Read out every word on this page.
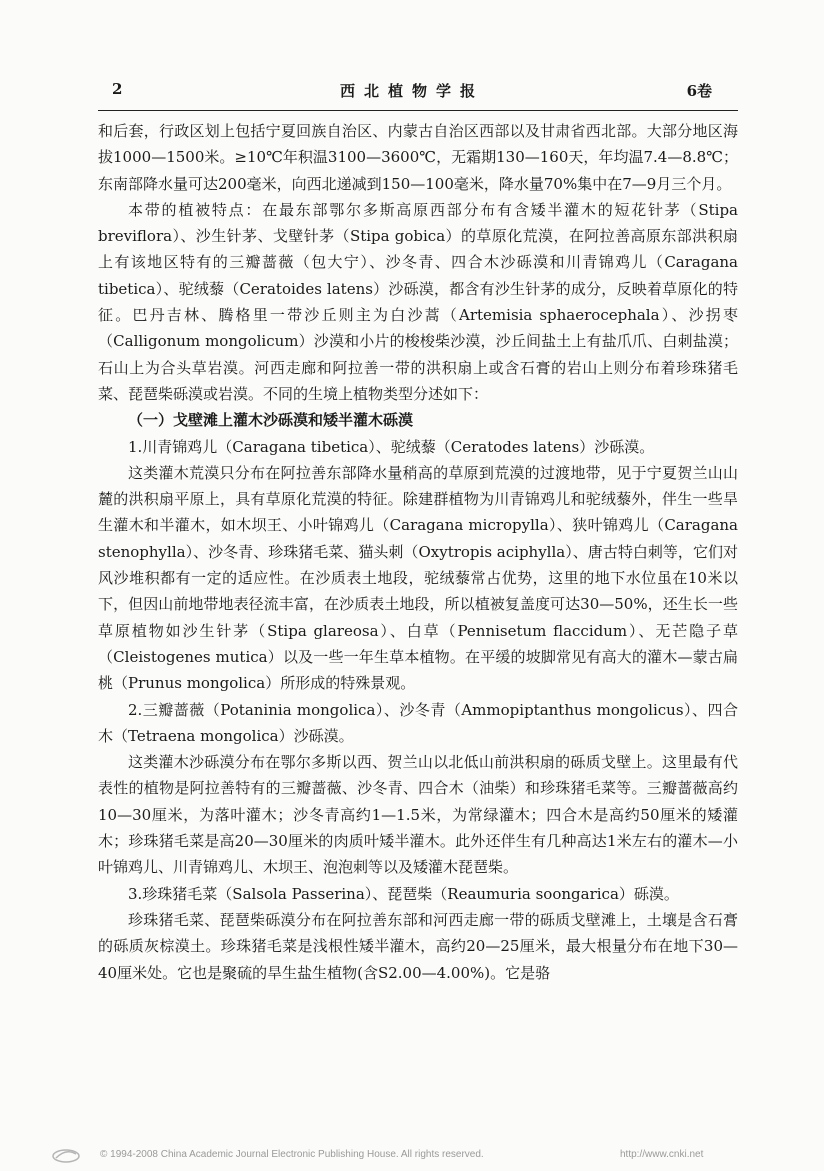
2	西北植物学报	6卷

和后套，行政区划上包括宁夏回族自治区、内蒙古自治区西部以及甘肃省西北部。大部分地区海拔1000—1500米。≥10℃年积温3100—3600℃，无霜期130—160天，年均温7.4—8.8℃；东南部降水量可达200毫米，向西北递减到150—100毫米，降水量70%集中在7—9月三个月。

本带的植被特点：在最东部鄂尔多斯高原西部分布有含矮半灌木的短花针茅（Stipa breviflora）、沙生针茅、戈壁针茅（Stipa gobica）的草原化荒漠，在阿拉善高原东部洪积扇上有该地区特有的三瓣蔷薇（包大宁）、沙冬青、四合木沙砾漠和川青锦鸡儿（Caragana tibetica）、驼绒藜（Ceratoides latens）沙砾漠，都含有沙生针茅的成分，反映着草原化的特征。巴丹吉林、腾格里一带沙丘则主为白沙蒿（Artemisia sphaerocephala）、沙拐枣（Calligonum mongolicum）沙漠和小片的梭梭柴沙漠，沙丘间盐土上有盐爪爪、白刺盐漠；石山上为合头草岩漠。河西走廊和阿拉善一带的洪积扇上或含石膏的岩山上则分布着珍珠猪毛菜、琵琶柴砾漠或岩漠。不同的生境上植物类型分述如下：

（一）戈壁滩上灌木沙砾漠和矮半灌木砾漠

1.川青锦鸡儿（Caragana tibetica）、驼绒藜（Ceratodes latens）沙砾漠。

这类灌木荒漠只分布在阿拉善东部降水量稍高的草原到荒漠的过渡地带，见于宁夏贺兰山山麓的洪积扇平原上，具有草原化荒漠的特征。除建群植物为川青锦鸡儿和驼绒藜外，伴生一些旱生灌木和半灌木，如木坝王、小叶锦鸡儿（Caragana micropylla）、狭叶锦鸡儿（Caragana stenophylla）、沙冬青、珍珠猪毛菜、猫头刺（Oxytropis aciphylla）、唐古特白刺等，它们对风沙堆积都有一定的适应性。在沙质表土地段，驼绒藜常占优势，这里的地下水位虽在10米以下，但因山前地带地表径流丰富，在沙质表土地段，所以植被复盖度可达30—50%，还生长一些草原植物如沙生针茅（Stipa glareosa）、白草（Pennisetum flaccidum）、无芒隐子草（Cleistogenes mutica）以及一些一年生草本植物。在平缓的坡脚常见有高大的灌木—蒙古扁桃（Prunus mongolica）所形成的特殊景观。

2.三瓣蔷薇（Potaninia mongolica）、沙冬青（Ammopiptanthus mongolicus）、四合木（Tetraena mongolica）沙砾漠。

这类灌木沙砾漠分布在鄂尔多斯以西、贺兰山以北低山前洪积扇的砾质戈壁上。这里最有代表性的植物是阿拉善特有的三瓣蔷薇、沙冬青、四合木（油柴）和珍珠猪毛菜等。三瓣蔷薇高约10—30厘米，为落叶灌木；沙冬青高约1—1.5米，为常绿灌木；四合木是高约50厘米的矮灌木；珍珠猪毛菜是高20—30厘米的肉质叶矮半灌木。此外还伴生有几种高达1米左右的灌木—小叶锦鸡儿、川青锦鸡儿、木坝王、泡泡刺等以及矮灌木琵琶柴。

3.珍珠猪毛菜（Salsola Passerina）、琵琶柴（Reaumuria soongarica）砾漠。

珍珠猪毛菜、琵琶柴砾漠分布在阿拉善东部和河西走廊一带的砾质戈壁滩上，土壤是含石膏的砾质灰棕漠土。珍珠猪毛菜是浅根性矮半灌木，高约20—25厘米，最大根量分布在地下30—40厘米处。它也是聚硫的旱生盐生植物(含S2.00—4.00%)。它是骆

© 1994-2008 China Academic Journal Electronic Publishing House. All rights reserved.	http://www.cnki.net
